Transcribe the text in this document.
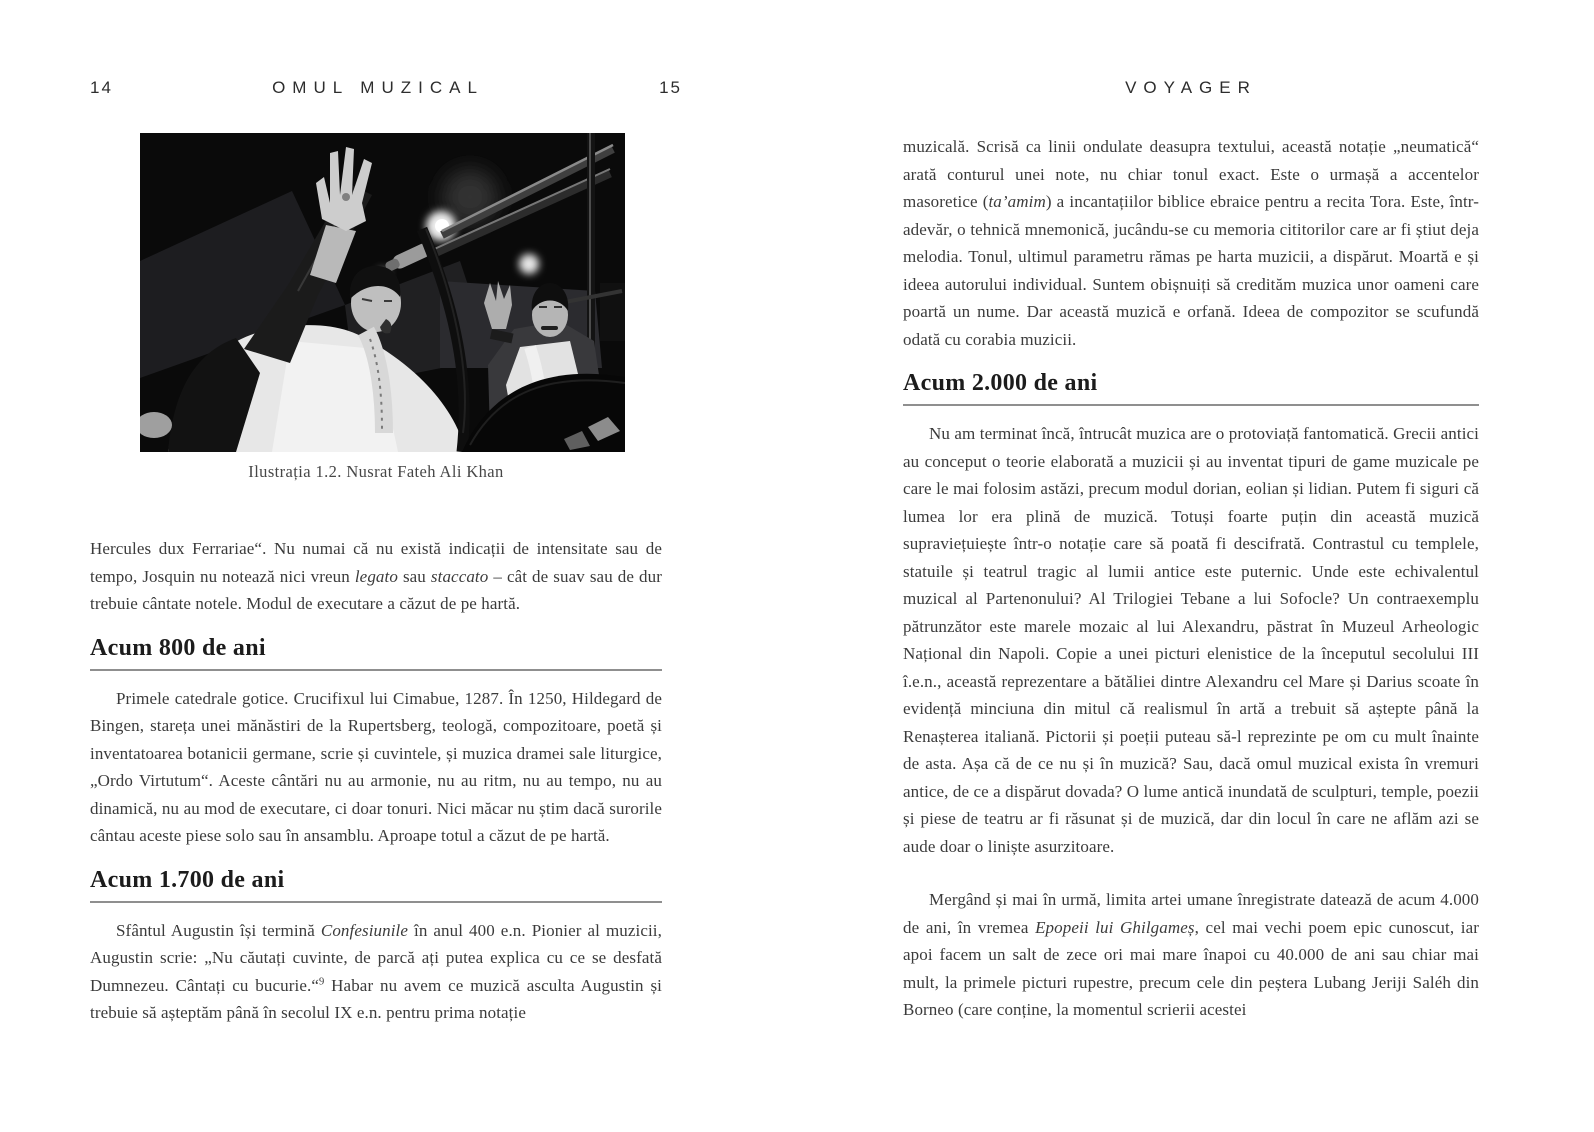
14	OMUL MUZICAL
Ilustrația 1.2. Nusrat Fateh Ali Khan

Hercules dux Ferrariae“. Nu numai că nu există indicații de intensitate sau de tempo, Josquin nu notează nici vreun legato sau staccato – cât de suav sau de dur trebuie cântate notele. Modul de executare a căzut de pe hartă.

Acum 800 de ani

Primele catedrale gotice. Crucifixul lui Cimabue, 1287. În 1250, Hildegard de Bingen, stareța unei mănăstiri de la Rupertsberg, teologă, compozitoare, poetă și inventatoarea botanicii germane, scrie și cuvintele, și muzica dramei sale liturgice, „Ordo Virtutum“. Aceste cântări nu au armonie, nu au ritm, nu au tempo, nu au dinamică, nu au mod de executare, ci doar tonuri. Nici măcar nu știm dacă surorile cântau aceste piese solo sau în ansamblu. Aproape totul a căzut de pe hartă.

Acum 1.700 de ani

Sfântul Augustin își termină Confesiunile în anul 400 e.n. Pionier al muzicii, Augustin scrie: „Nu căutați cuvinte, de parcă ați putea explica cu ce se desfată Dumnezeu. Cântați cu bucurie.“$^9$ Habar nu avem ce muzică asculta Augustin și trebuie să așteptăm până în secolul IX e.n. pentru prima notație

VOYAGER
15

muzicală. Scrisă ca linii ondulate deasupra textului, această notație „neumatică“ arată conturul unei note, nu chiar tonul exact. Este o urmașă a accentelor masoretice (ta’amim) a incantațiilor biblice ebraice pentru a recita Tora. Este, într-adevăr, o tehnică mnemonică, jucându-se cu memoria cititorilor care ar fi știut deja melodia. Tonul, ultimul parametru rămas pe harta muzicii, a dispărut. Moartă e și ideea autorului individual. Suntem obișnuiți să credităm muzica unor oameni care poartă un nume. Dar această muzică e orfană. Ideea de compozitor se scufundă odată cu corabia muzicii.

Acum 2.000 de ani

Nu am terminat încă, întrucât muzica are o protoviață fantomatică. Grecii antici au conceput o teorie elaborată a muzicii și au inventat tipuri de game muzicale pe care le mai folosim astăzi, precum modul dorian, eolian și lidian. Putem fi siguri că lumea lor era plină de muzică. Totuși foarte puțin din această muzică supraviețuiește într-o notație care să poată fi descifrată. Contrastul cu templele, statuile și teatrul tragic al lumii antice este puternic. Unde este echivalentul muzical al Partenonului? Al Trilogiei Tebane a lui Sofocle? Un contraexemplu pătrunzător este marele mozaic al lui Alexandru, păstrat în Muzeul Arheologic Național din Napoli. Copie a unei picturi elenistice de la începutul secolului III î.e.n., această reprezentare a bătăliei dintre Alexandru cel Mare și Darius scoate în evidență minciuna din mitul că realismul în artă a trebuit să aștepte până la Renașterea italiană. Pictorii și poeții puteau să-l reprezinte pe om cu mult înainte de asta. Așa că de ce nu și în muzică? Sau, dacă omul muzical exista în vremuri antice, de ce a dispărut dovada? O lume antică inundată de sculpturi, temple, poezii și piese de teatru ar fi răsunat și de muzică, dar din locul în care ne aflăm azi se aude doar o liniște asurzitoare.

Mergând și mai în urmă, limita artei umane înregistrate datează de acum 4.000 de ani, în vremea Epopeii lui Ghilgameș, cel mai vechi poem epic cunoscut, iar apoi facem un salt de zece ori mai mare înapoi cu 40.000 de ani sau chiar mai mult, la primele picturi rupestre, precum cele din peștera Lubang Jeriji Saléh din Borneo (care conține, la momentul scrierii acestei
